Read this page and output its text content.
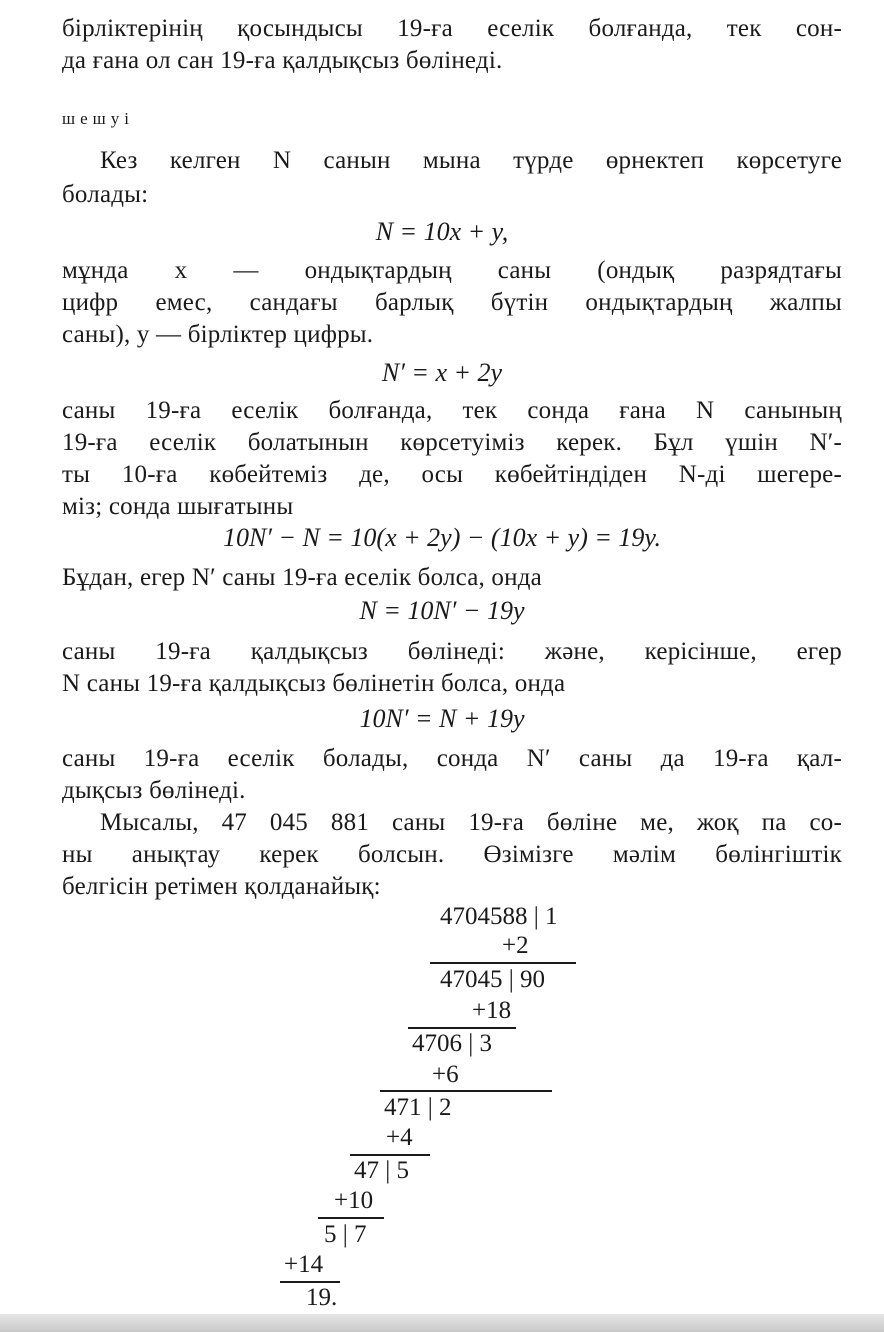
бірліктерінің қосындысы 19-ға еселік болғанда, тек сон-
да ғана ол сан 19-ға қалдықсыз бөлінеді.
шешуі
Кез келген N санын мына түрде өрнектеп көрсетуге
болады:
N = 10x + y,
мұнда x — ондықтардың саны (ондық разрядтағы
цифр емес, сандағы барлық бүтін ондықтардың жалпы
саны), y — бірліктер цифры.
N′ = x + 2y
саны 19-ға еселік болғанда, тек сонда ғана N санының
19-ға еселік болатынын көрсетуіміз керек. Бұл үшін N′-
ты 10-ға көбейтеміз де, осы көбейтіндіден N-ді шегере-
міз; сонда шығатыны
10N′ − N = 10(x + 2y) − (10x + y) = 19y.
Бұдан, егер N′ саны 19-ға еселік болса, онда
N = 10N′ − 19y
саны 19-ға қалдықсыз бөлінеді: және, керісінше, егер
N саны 19-ға қалдықсыз бөлінетін болса, онда
10N′ = N + 19y
саны 19-ға еселік болады, сонда N′ саны да 19-ға қал-
дықсыз бөлінеді.
Мысалы, 47 045 881 саны 19-ға бөліне ме, жоқ па со-
ны анықтау керек болсын. Өзімізге мәлім бөлінгіштік
белгісін ретімен қолданайық:
4704588 | 1
+2
47045 | 90
+18
4706 | 3
+6
471 | 2
+4
47 | 5
+10
5 | 7
+14
19.
